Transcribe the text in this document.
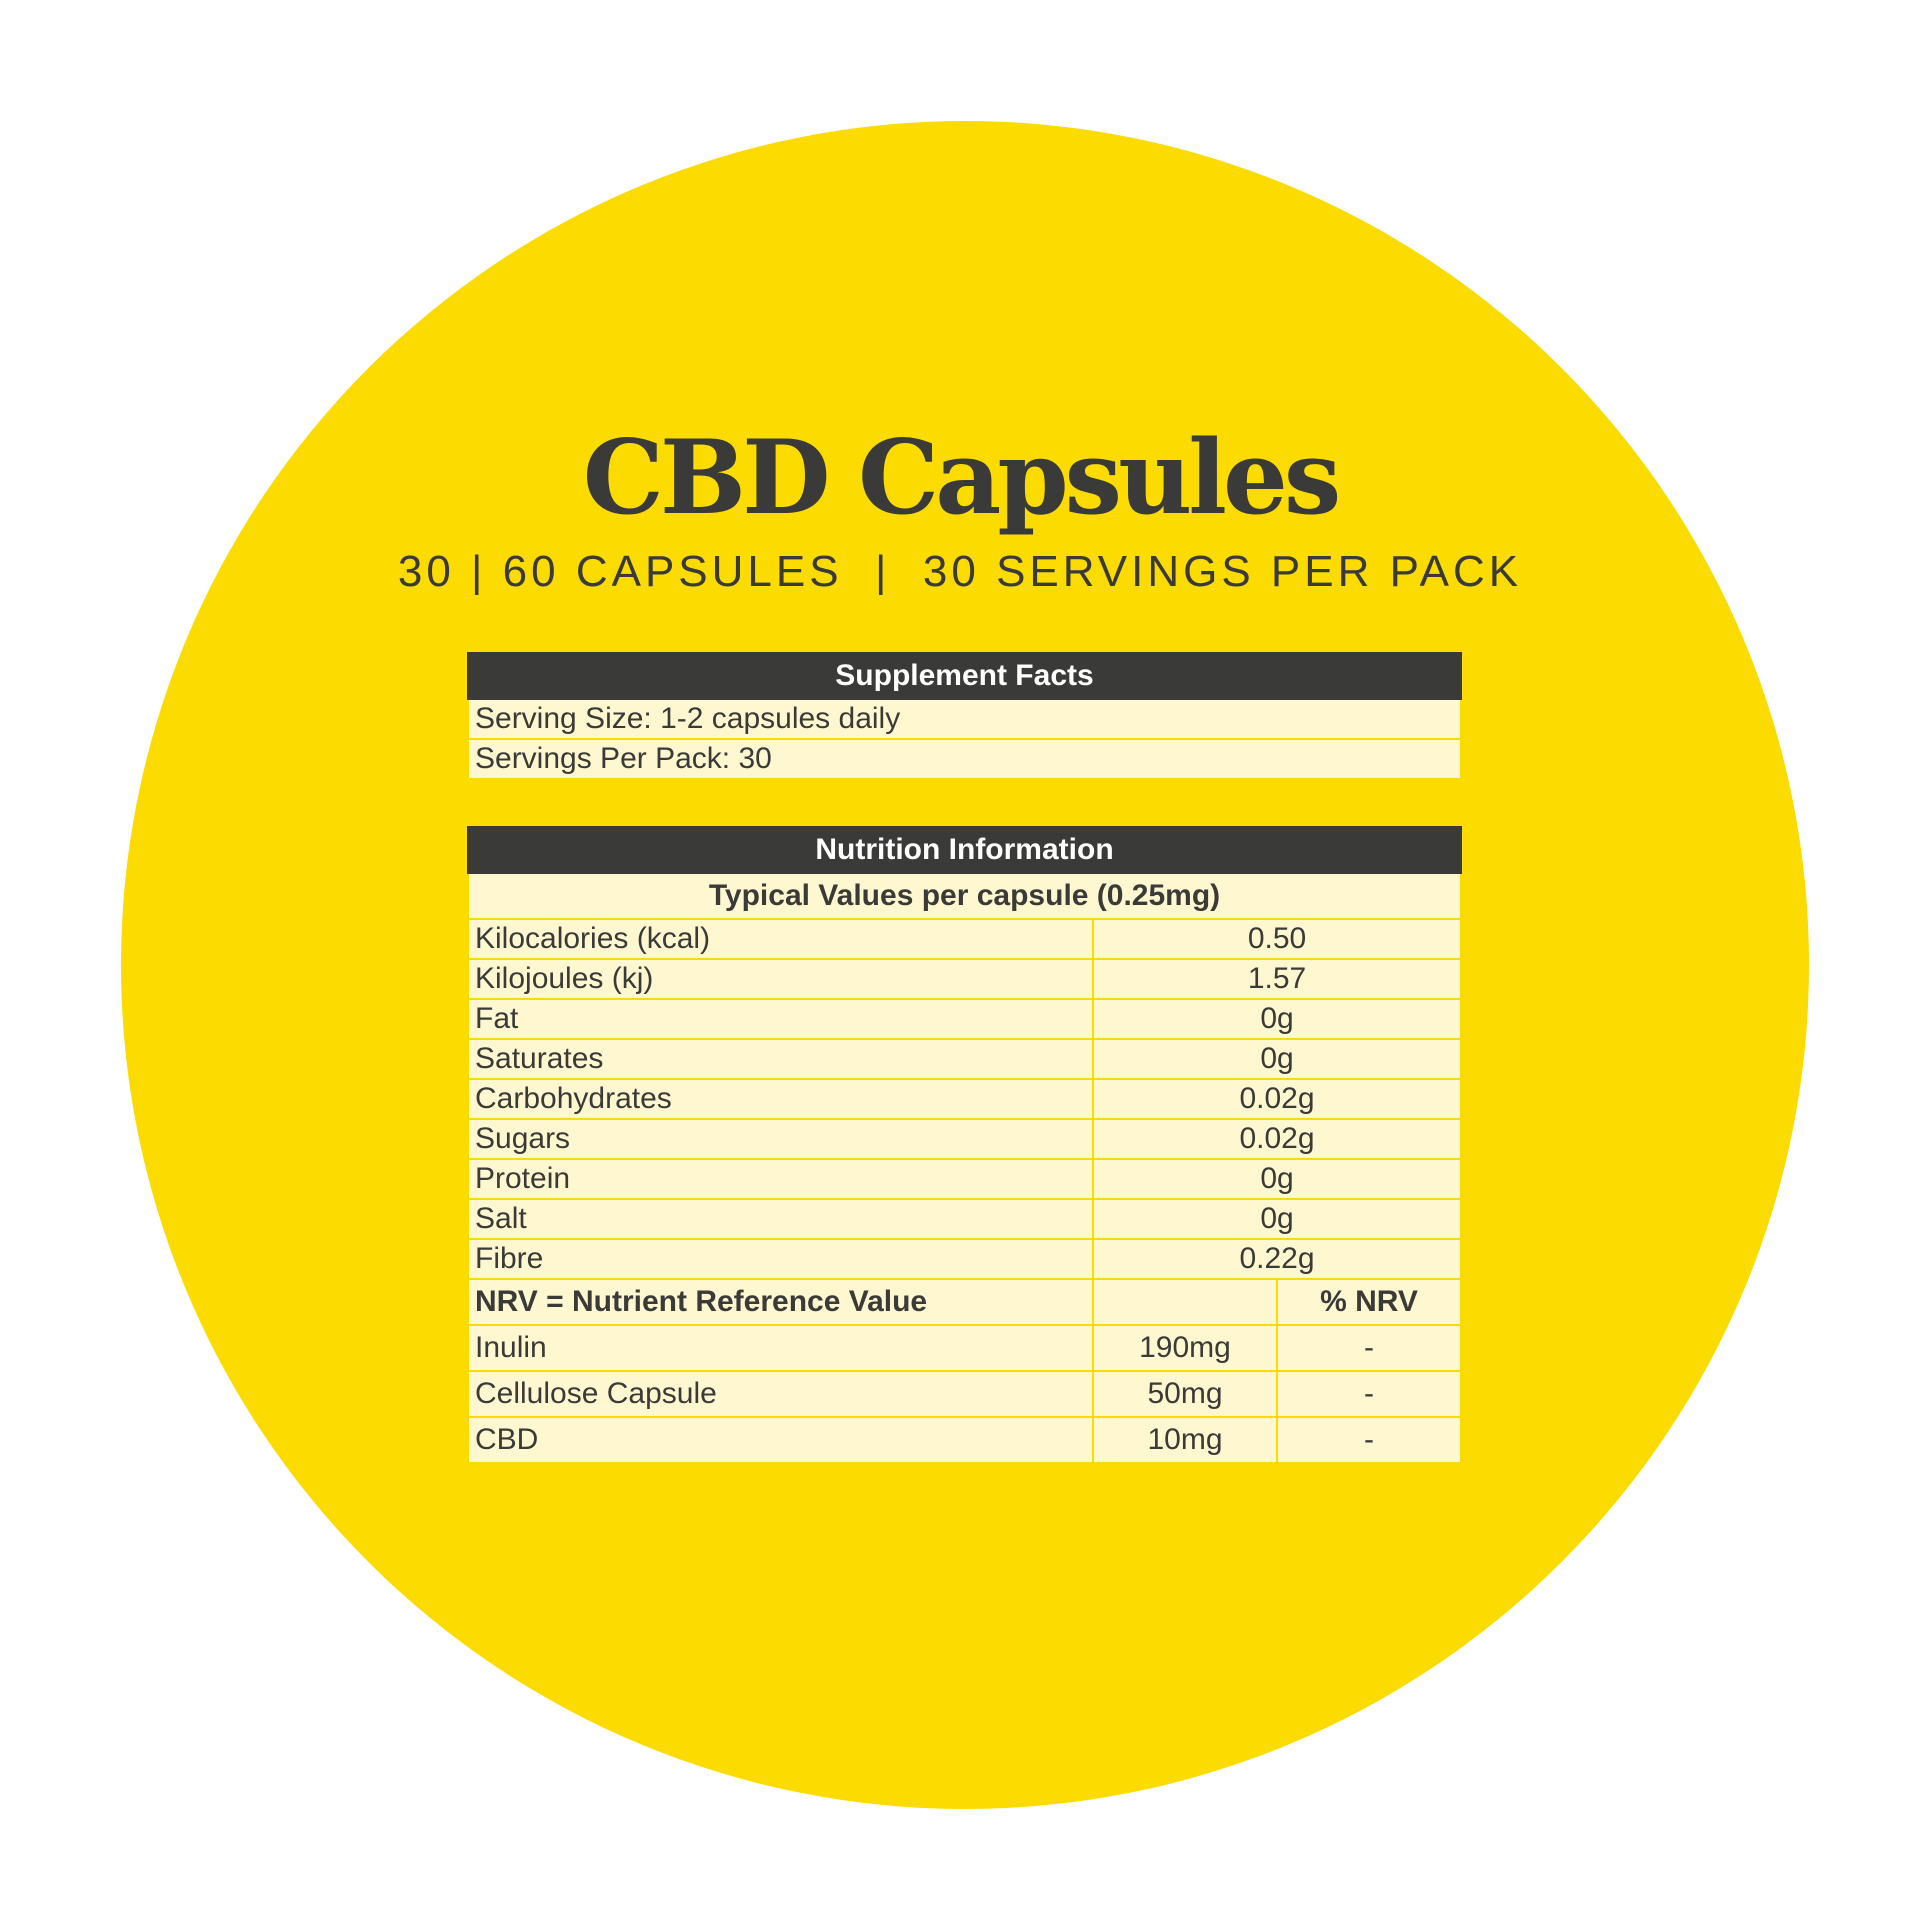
CBD Capsules
30 | 60 CAPSULES  |  30 SERVINGS PER PACK
Supplement Facts
Serving Size: 1-2 capsules daily
Servings Per Pack: 30
Nutrition Information		
Typical Values per capsule (0.25mg)		
Kilocalories (kcal)	0.50	
Kilojoules (kj)	1.57	
Fat	0g	
Saturates	0g	
Carbohydrates	0.02g	
Sugars	0.02g	
Protein	0g	
Salt	0g	
Fibre	0.22g	
NRV = Nutrient Reference Value		% NRV
Inulin	190mg	-
Cellulose Capsule	50mg	-
CBD	10mg	-
